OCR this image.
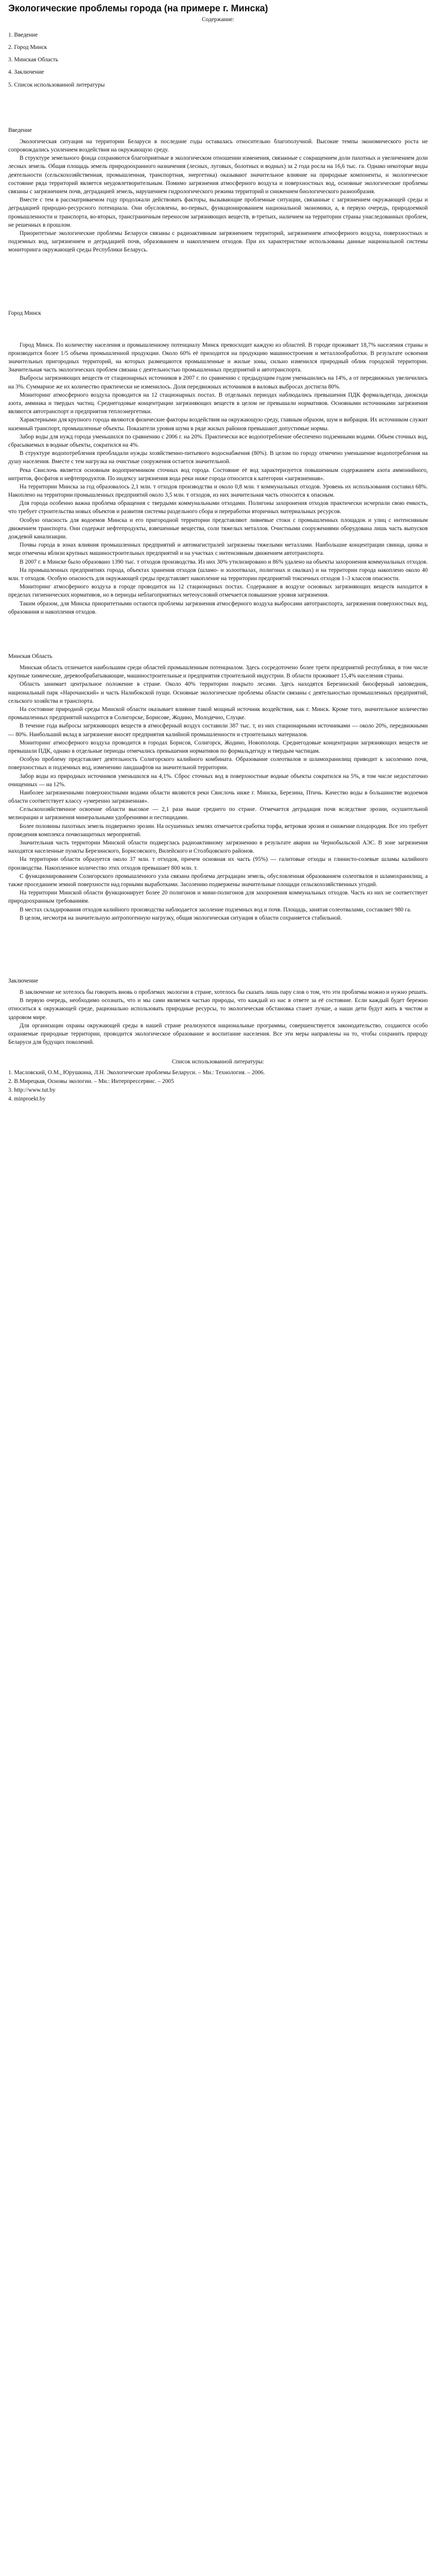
Экологические проблемы города (на примере г. Минска)
Содержание:

1. Введение

2. Город Минск

3. Минская Область

4. Заключение

5. Список использованной литературы

Введение

Экологическая ситуация на территории Беларуси в последние годы оставалась относительно благополучной. Высокие темпы экономического роста не сопровождались усилением воздействия на окружающую среду.

В структуре земельного фонда сохраняются благоприятные в экологическом отношении изменения, связанные с сокращением доли пахотных и увеличением доли лесных земель. Общая площадь земель природоохранного назначения (лесных, луговых, болотных и водных) за 2 года росла на 16,6 тыс. га. Однако некоторые виды деятельности (сельскохозяйственная, промышленная, транспортная, энергетика) оказывают значительное влияние на природные компоненты, и экологическое состояние ряда территорий является неудовлетворительным. Помимо загрязнения атмосферного воздуха и поверхностных вод, основные экологические проблемы связаны с загрязнением почв, деградацией земель, нарушением гидрологического режима территорий и снижением биологического разнообразия.

Вместе с тем в рассматриваемом году продолжали действовать факторы, вызывающие проблемные ситуации, связанные с загрязнением окружающей среды и деградацией природно-ресурсного потенциала. Они обусловлены, во-первых, функционированием национальной экономики, а, в первую очередь, природоемкой промышленности и транспорта, во-вторых, трансграничным переносом загрязняющих веществ, в-третьих, наличием на территории страны унаследованных проблем, не решенных в прошлом.

Приоритетные экологические проблемы Беларуси связаны с радиоактивным загрязнением территорий, загрязнением атмосферного воздуха, поверхностных и подземных вод, загрязнением и деградацией почв, образованием и накоплением отходов. При их характеристике использованы данные национальной системы мониторинга окружающей среды Республики Беларусь.

Город Минск

Город Минск. По количеству населения и промышленному потенциалу Минск превосходит каждую из областей. В городе проживает 18,7% населения страны и производится более 1/5 объема промышленной продукции. Около 60% её приходится на продукцию машиностроения и металлообработки. В результате освоения значительных пригородных территорий, на которых размещаются промышленные и жилые зоны, сильно изменился природный облик городской территории. Значительная часть экологических проблем связана с деятельностью промышленных предприятий и автотранспорта.

Выбросы загрязняющих веществ от стационарных источников в 2007 г. по сравнению с предыдущим годом уменьшились на 14%, а от передвижных увеличились на 3%. Суммарное же их количество практически не изменилось. Доля передвижных источников в валовых выбросах достигла 80%.

Мониторинг атмосферного воздуха проводится на 12 стационарных постах. В отдельных периодах наблюдались превышения ПДК формальдегида, диоксида азота, аммиака и твердых частиц. Среднегодовые концентрации загрязняющих веществ в целом не превышали нормативов. Основными источниками загрязнения являются автотранспорт и предприятия теплоэнергетики.

Характерными для крупного города являются физические факторы воздействия на окружающую среду, главным образом, шум и вибрация. Их источником служит наземный транспорт, промышленные объекты. Показатели уровня шума в ряде жилых районов превышают допустимые нормы.

Забор воды для нужд города уменьшился по сравнению с 2006 г. на 20%. Практически все водопотребление обеспечено подземными водами. Объем сточных вод, сбрасываемых в водные объекты, сократился на 4%.

В структуре водопотребления преобладали нужды хозяйственно-питьевого водоснабжения (80%). В целом по городу отмечено уменьшение водопотребления на душу населения. Вместе с тем нагрузка на очистные сооружения остается значительной.

Река Свислочь является основным водоприемником сточных вод города. Состояние её вод характеризуется повышенным содержанием азота аммонийного, нитритов, фосфатов и нефтепродуктов. По индексу загрязнения вода реки ниже города относится к категории «загрязненная».

На территории Минска за год образовалось 2,1 млн. т отходов производства и около 0,8 млн. т коммунальных отходов. Уровень их использования составил 68%. Накоплено на территории промышленных предприятий около 3,5 млн. т отходов, из них значительная часть относится к опасным.

Для города особенно важна проблема обращения с твердыми коммунальными отходами. Полигоны захоронения отходов практически исчерпали свою емкость, что требует строительства новых объектов и развития системы раздельного сбора и переработки вторичных материальных ресурсов.

Особую опасность для водоемов Минска и его пригородной территории представляют ливневые стоки с промышленных площадок и улиц с интенсивным движением транспорта. Они содержат нефтепродукты, взвешенные вещества, соли тяжелых металлов. Очистными сооружениями оборудована лишь часть выпусков дождевой канализации.

Почвы города в зонах влияния промышленных предприятий и автомагистралей загрязнены тяжелыми металлами. Наибольшие концентрации свинца, цинка и меди отмечены вблизи крупных машиностроительных предприятий и на участках с интенсивным движением автотранспорта.

В 2007 г. в Минске было образовано 1390 тыс. т отходов производства. Из них 30% утилизировано и 86% удалено на объекты захоронения коммунальных отходов.

На промышленных предприятиях города, объектах хранения отходов (шламо- и золоотвалах, полигонах и свалках) и на территории города накоплено около 40 млн. т отходов. Особую опасность для окружающей среды представляет накопление на территории предприятий токсичных отходов 1–3 классов опасности.

Мониторинг атмосферного воздуха в городе проводится на 12 стационарных постах. Содержание в воздухе основных загрязняющих веществ находится в пределах гигиенических нормативов, но в периоды неблагоприятных метеоусловий отмечается повышение уровня загрязнения.

Таким образом, для Минска приоритетными остаются проблемы загрязнения атмосферного воздуха выбросами автотранспорта, загрязнения поверхностных вод, образования и накопления отходов.

Минская Область

Минская область отличается наибольшим среди областей промышленным потенциалом. Здесь сосредоточено более трети предприятий республики, в том числе крупные химические, деревообрабатывающие, машиностроительные и предприятия строительной индустрии. В области проживает 15,4% населения страны.

Область занимает центральное положение в стране. Около 40% территории покрыто лесами. Здесь находятся Березинский биосферный заповедник, национальный парк «Нарочанский» и часть Налибокской пущи. Основные экологические проблемы области связаны с деятельностью промышленных предприятий, сельского хозяйства и транспорта.

На состояние природной среды Минской области оказывает влияние такой мощный источник воздействия, как г. Минск. Кроме того, значительное количество промышленных предприятий находится в Солигорске, Борисове, Жодино, Молодечно, Слуцке.

В течение года выбросы загрязняющих веществ в атмосферный воздух составили 387 тыс. т, из них стационарными источниками — около 20%, передвижными — 80%. Наибольший вклад в загрязнение вносят предприятия калийной промышленности и строительных материалов.

Мониторинг атмосферного воздуха проводится в городах Борисов, Солигорск, Жодино, Новополоцк. Среднегодовые концентрации загрязняющих веществ не превышали ПДК, однако в отдельные периоды отмечались превышения нормативов по формальдегиду и твердым частицам.

Особую проблему представляет деятельность Солигорского калийного комбината. Образование солеотвалов и шламохранилищ приводит к засолению почв, поверхностных и подземных вод, изменению ландшафтов на значительной территории.

Забор воды из природных источников уменьшился на 4,1%. Сброс сточных вод в поверхностные водные объекты сократился на 5%, в том числе недостаточно очищенных — на 12%.

Наиболее загрязненными поверхностными водами области являются реки Свислочь ниже г. Минска, Березина, Птичь. Качество воды в большинстве водоемов области соответствует классу «умеренно загрязненная».

Сельскохозяйственное освоение области высокое — 2,1 раза выше среднего по стране. Отмечается деградация почв вследствие эрозии, осушительной мелиорации и загрязнения минеральными удобрениями и пестицидами.

Более половины пахотных земель подвержено эрозии. На осушенных землях отмечается сработка торфа, ветровая эрозия и снижение плодородия. Все это требует проведения комплекса почвозащитных мероприятий.

Значительная часть территории Минской области подверглась радиоактивному загрязнению в результате аварии на Чернобыльской АЭС. В зоне загрязнения находятся населенные пункты Березинского, Борисовского, Вилейского и Столбцовского районов.

На территории области образуется около 37 млн. т отходов, причем основная их часть (95%) — галитовые отходы и глинисто-солевые шламы калийного производства. Накопленное количество этих отходов превышает 800 млн. т.

С функционированием Солигорского промышленного узла связана проблема деградации земель, обусловленная образованием солеотвалов и шламохранилищ, а также проседанием земной поверхности над горными выработками. Засолению подвержены значительные площади сельскохозяйственных угодий.

На территории Минской области функционирует более 20 полигонов и мини-полигонов для захоронения коммунальных отходов. Часть из них не соответствует природоохранным требованиям.

В местах складирования отходов калийного производства наблюдается засоление подземных вод и почв. Площадь, занятая солеотвалами, составляет 980 га.

В целом, несмотря на значительную антропогенную нагрузку, общая экологическая ситуация в области сохраняется стабильной.

Заключение

В заключение не хотелось бы говорить вновь о проблемах экологии в стране, хотелось бы сказать лишь пару слов о том, что эти проблемы можно и нужно решать.

В первую очередь, необходимо осознать, что и мы сами являемся частью природы, что каждый из нас в ответе за её состояние. Если каждый будет бережно относиться к окружающей среде, рационально использовать природные ресурсы, то экологическая обстановка станет лучше, а наши дети будут жить в чистом и здоровом мире.

Для организации охраны окружающей среды в нашей стране реализуются национальные программы, совершенствуется законодательство, создаются особо охраняемые природные территории, проводится экологическое образование и воспитание населения. Все эти меры направлены на то, чтобы сохранить природу Беларуси для будущих поколений.

Список использованной литературы:

1. Масловский, О.М., Юрушкина, Л.Н. Экологические проблемы Беларуси. – Мн.: Технология. – 2006.

2. В.Мирецкая, Основы экологии. – Мн.: Интерпрессервис. – 2005

3. http://www.tut.by

4. minproekt.by
